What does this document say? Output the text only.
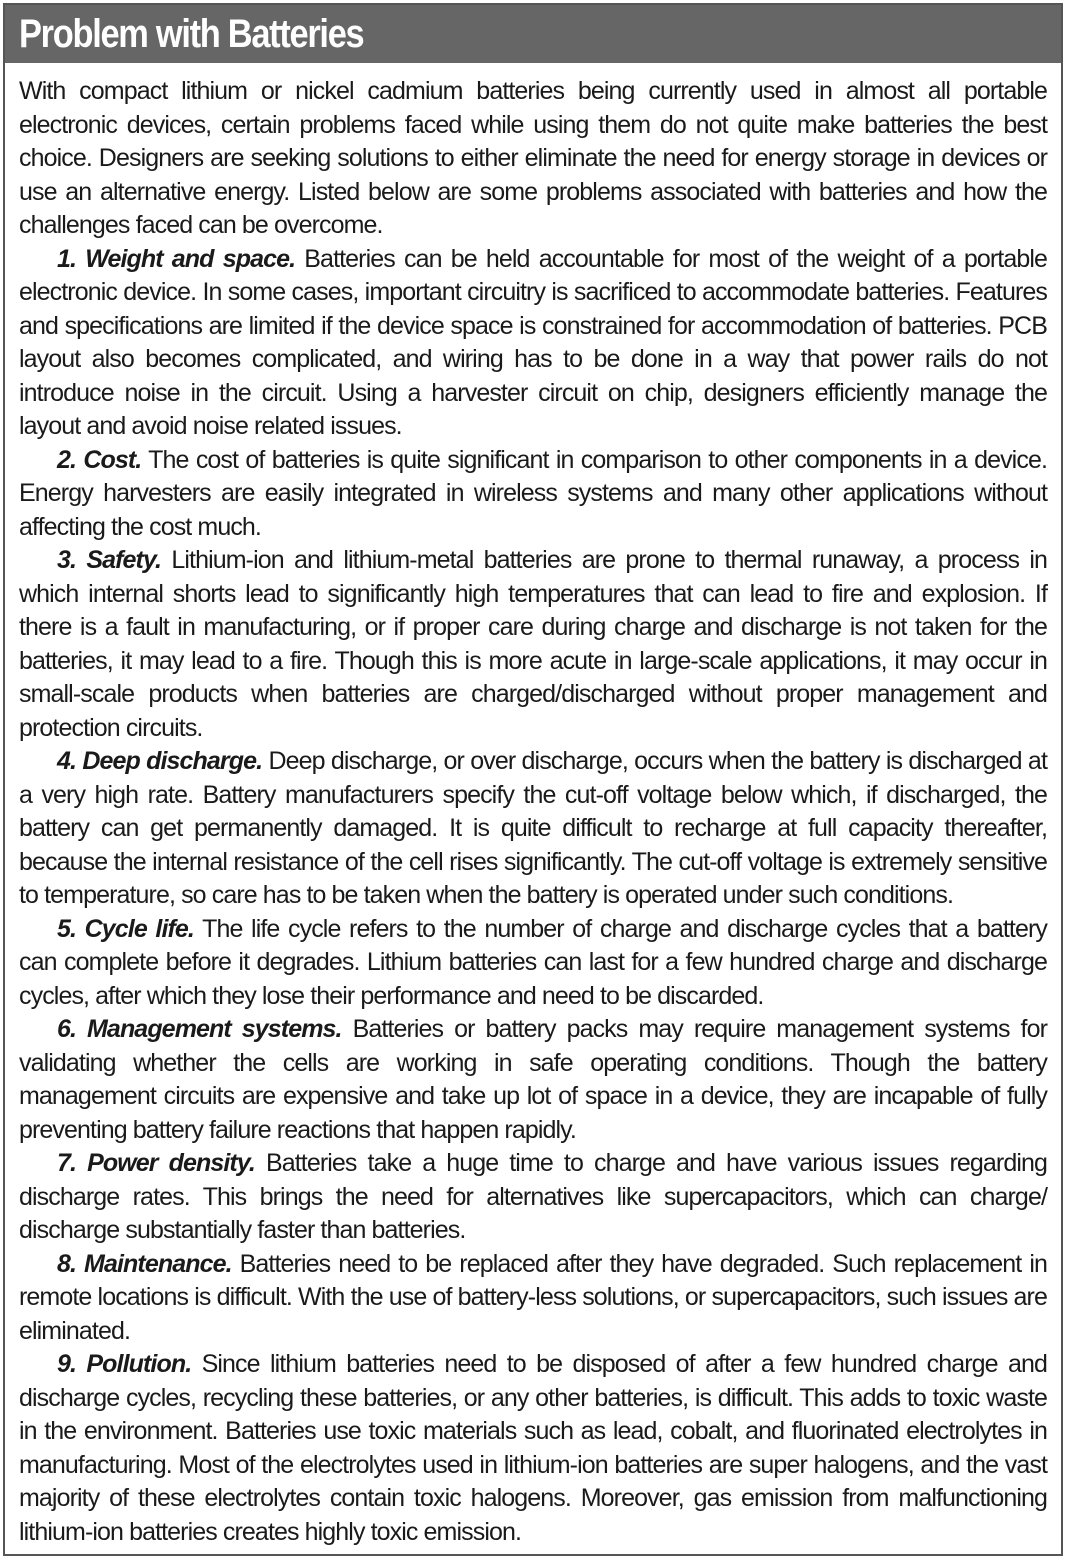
Problem with Batteries

With compact lithium or nickel cadmium batteries being currently used in almost all portable electronic devices, certain problems faced while using them do not quite make batteries the best choice. Designers are seeking solutions to either eliminate the need for energy storage in devices or use an alternative energy. Listed below are some problems associated with batteries and how the challenges faced can be overcome.

1. Weight and space. Batteries can be held accountable for most of the weight of a portable electronic device. In some cases, important circuitry is sacrificed to accommodate batteries. Features and specifications are limited if the device space is constrained for accommodation of batteries. PCB layout also becomes complicated, and wiring has to be done in a way that power rails do not introduce noise in the circuit. Using a harvester circuit on chip, designers efficiently manage the layout and avoid noise related issues.

2. Cost. The cost of batteries is quite significant in comparison to other components in a device. Energy harvesters are easily integrated in wireless systems and many other applications without affecting the cost much.

3. Safety. Lithium-ion and lithium-metal batteries are prone to thermal runaway, a process in which internal shorts lead to significantly high temperatures that can lead to fire and explosion. If there is a fault in manufacturing, or if proper care during charge and discharge is not taken for the batteries, it may lead to a fire. Though this is more acute in large-scale applications, it may occur in small-scale products when batteries are charged/discharged without proper management and protection circuits.

4. Deep discharge. Deep discharge, or over discharge, occurs when the battery is discharged at a very high rate. Battery manufacturers specify the cut-off voltage below which, if discharged, the battery can get permanently damaged. It is quite difficult to recharge at full capacity thereafter, because the internal resistance of the cell rises significantly. The cut-off voltage is extremely sensitive to temperature, so care has to be taken when the battery is operated under such conditions.

5. Cycle life. The life cycle refers to the number of charge and discharge cycles that a battery can complete before it degrades. Lithium batteries can last for a few hundred charge and discharge cycles, after which they lose their performance and need to be discarded.

6. Management systems. Batteries or battery packs may require management systems for validating whether the cells are working in safe operating conditions. Though the battery management circuits are expensive and take up lot of space in a device, they are incapable of fully preventing battery failure reactions that happen rapidly.

7. Power density. Batteries take a huge time to charge and have various issues regarding discharge rates. This brings the need for alternatives like supercapacitors, which can charge/ discharge substantially faster than batteries.

8. Maintenance. Batteries need to be replaced after they have degraded. Such replacement in remote locations is difficult. With the use of battery-less solutions, or supercapacitors, such issues are eliminated.

9. Pollution. Since lithium batteries need to be disposed of after a few hundred charge and discharge cycles, recycling these batteries, or any other batteries, is difficult. This adds to toxic waste in the environment. Batteries use toxic materials such as lead, cobalt, and fluorinated electrolytes in manufacturing. Most of the electrolytes used in lithium-ion batteries are super halogens, and the vast majority of these electrolytes contain toxic halogens. Moreover, gas emission from malfunctioning lithium-ion batteries creates highly toxic emission.
